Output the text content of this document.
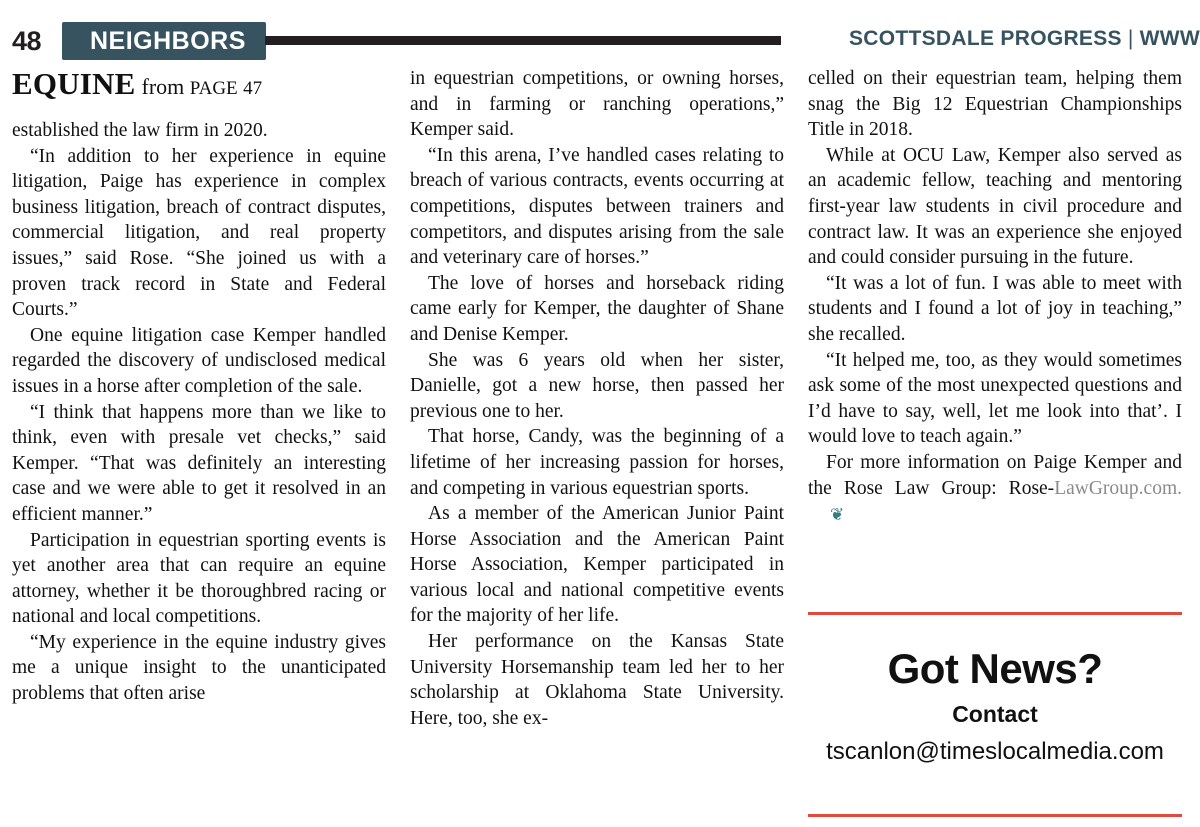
48 NEIGHBORS	SCOTTSDALE PROGRESS | WWW
EQUINE from PAGE 47

established the law firm in 2020.

“In addition to her experience in equine litigation, Paige has experience in complex business litigation, breach of contract disputes, commercial litigation, and real property issues,” said Rose. “She joined us with a proven track record in State and Federal Courts.”

One equine litigation case Kemper handled regarded the discovery of undisclosed medical issues in a horse after completion of the sale.

“I think that happens more than we like to think, even with presale vet checks,” said Kemper. “That was definitely an interesting case and we were able to get it resolved in an efficient manner.”

Participation in equestrian sporting events is yet another area that can require an equine attorney, whether it be thoroughbred racing or national and local competitions.

“My experience in the equine industry gives me a unique insight to the unanticipated problems that often arise

in equestrian competitions, or owning horses, and in farming or ranching operations,” Kemper said.

“In this arena, I’ve handled cases relating to breach of various contracts, events occurring at competitions, disputes between trainers and competitors, and disputes arising from the sale and veterinary care of horses.”

The love of horses and horseback riding came early for Kemper, the daughter of Shane and Denise Kemper.

She was 6 years old when her sister, Danielle, got a new horse, then passed her previous one to her.

That horse, Candy, was the beginning of a lifetime of her increasing passion for horses, and competing in various equestrian sports.

As a member of the American Junior Paint Horse Association and the American Paint Horse Association, Kemper participated in various local and national competitive events for the majority of her life.

Her performance on the Kansas State University Horsemanship team led her to her scholarship at Oklahoma State University. Here, too, she ex-

celled on their equestrian team, helping them snag the Big 12 Equestrian Championships Title in 2018.

While at OCU Law, Kemper also served as an academic fellow, teaching and mentoring first-year law students in civil procedure and contract law. It was an experience she enjoyed and could consider pursuing in the future.

“It was a lot of fun. I was able to meet with students and I found a lot of joy in teaching,” she recalled.

“It helped me, too, as they would sometimes ask some of the most unexpected questions and I’d have to say, well, let me look into that’. I would love to teach again.”

For more information on Paige Kemper and the Rose Law Group: Rose-LawGroup.com.❦

Got News?
Contact
tscanlon@timeslocalmedia.com
